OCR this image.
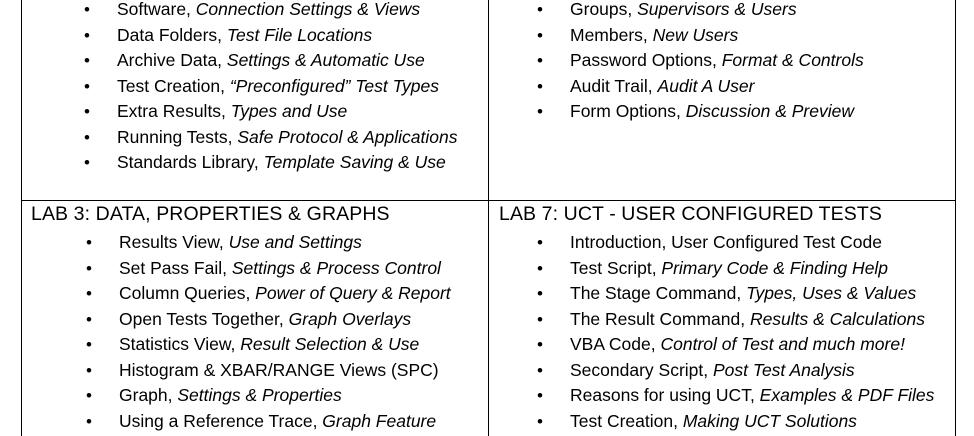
• Software, Connection Settings & Views
• Data Folders, Test File Locations
• Archive Data, Settings & Automatic Use
• Test Creation, “Preconfigured” Test Types
• Extra Results, Types and Use
• Running Tests, Safe Protocol & Applications
• Standards Library, Template Saving & Use
• Groups, Supervisors & Users
• Members, New Users
• Password Options, Format & Controls
• Audit Trail, Audit A User
• Form Options, Discussion & Preview
LAB 3: DATA, PROPERTIES & GRAPHS
• Results View, Use and Settings
• Set Pass Fail, Settings & Process Control
• Column Queries, Power of Query & Report
• Open Tests Together, Graph Overlays
• Statistics View, Result Selection & Use
• Histogram & XBAR/RANGE Views (SPC)
• Graph, Settings & Properties
• Using a Reference Trace, Graph Feature
LAB 7: UCT - USER CONFIGURED TESTS
• Introduction, User Configured Test Code
• Test Script, Primary Code & Finding Help
• The Stage Command, Types, Uses & Values
• The Result Command, Results & Calculations
• VBA Code, Control of Test and much more!
• Secondary Script, Post Test Analysis
• Reasons for using UCT, Examples & PDF Files
• Test Creation, Making UCT Solutions
